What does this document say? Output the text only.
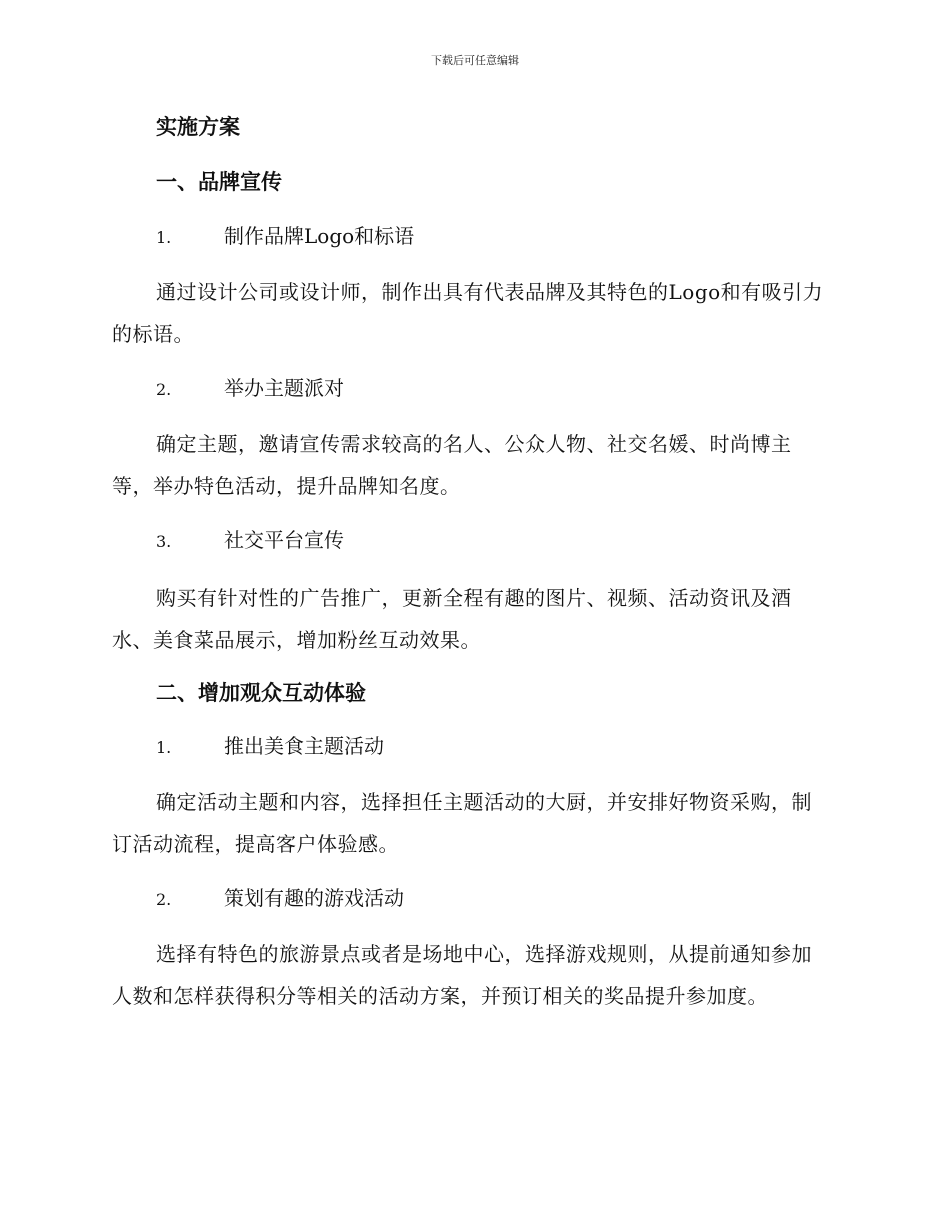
下载后可任意编辑
实施方案
一、品牌宣传
1.	制作品牌Logo和标语
通过设计公司或设计师，制作出具有代表品牌及其特色的Logo和有吸引力的标语。
2.	举办主题派对
确定主题，邀请宣传需求较高的名人、公众人物、社交名媛、时尚博主等，举办特色活动，提升品牌知名度。
3.	社交平台宣传
购买有针对性的广告推广，更新全程有趣的图片、视频、活动资讯及酒水、美食菜品展示，增加粉丝互动效果。
二、增加观众互动体验
1.	推出美食主题活动
确定活动主题和内容，选择担任主题活动的大厨，并安排好物资采购，制订活动流程，提高客户体验感。
2.	策划有趣的游戏活动
选择有特色的旅游景点或者是场地中心，选择游戏规则，从提前通知参加人数和怎样获得积分等相关的活动方案，并预订相关的奖品提升参加度。
